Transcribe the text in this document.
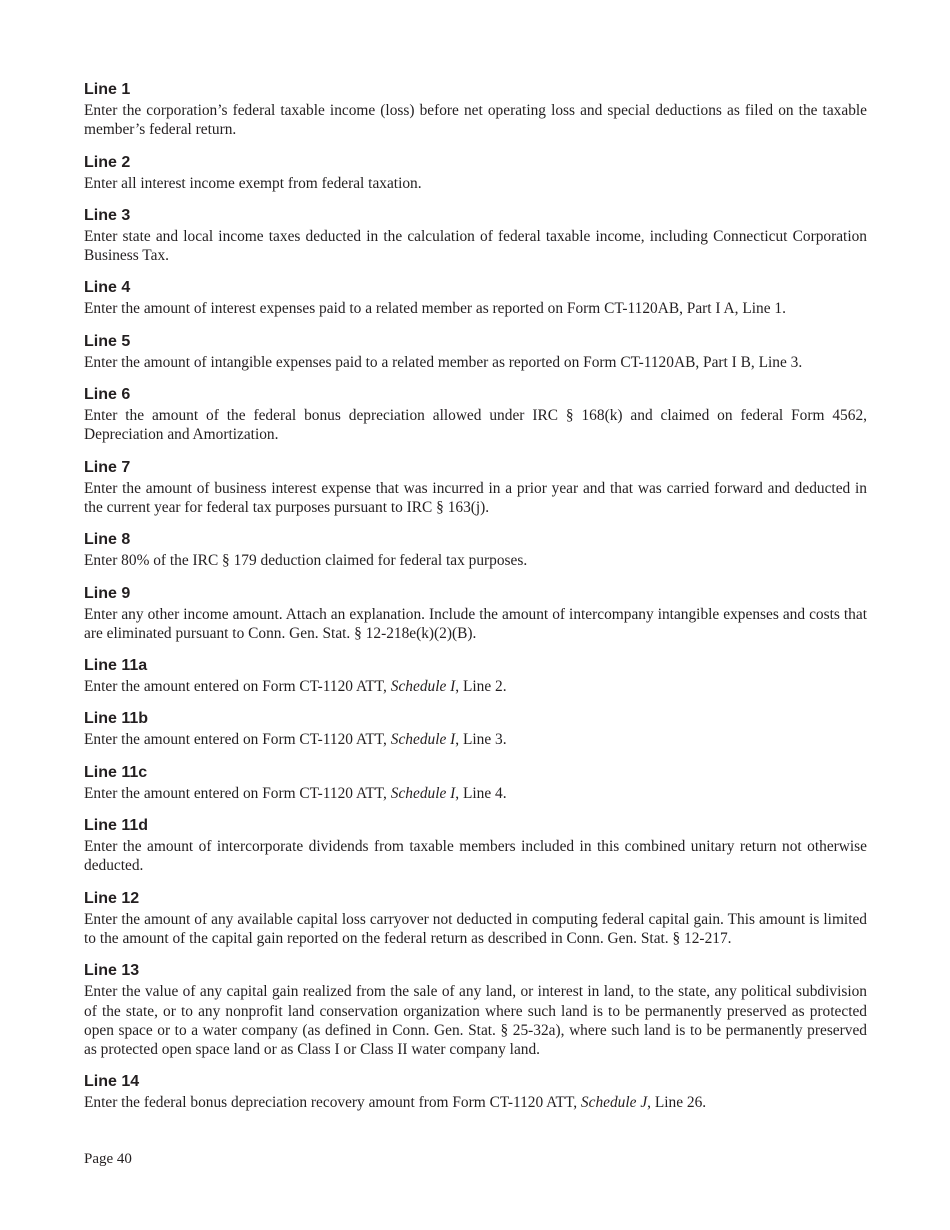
Line 1
Enter the corporation’s federal taxable income (loss) before net operating loss and special deductions as filed on the taxable member’s federal return.
Line 2
Enter all interest income exempt from federal taxation.
Line 3
Enter state and local income taxes deducted in the calculation of federal taxable income, including Connecticut Corporation Business Tax.
Line 4
Enter the amount of interest expenses paid to a related member as reported on Form CT-1120AB, Part I A, Line 1.
Line 5
Enter the amount of intangible expenses paid to a related member as reported on Form CT-1120AB, Part I B, Line 3.
Line 6
Enter the amount of the federal bonus depreciation allowed under IRC § 168(k) and claimed on federal Form 4562, Depreciation and Amortization.
Line 7
Enter the amount of business interest expense that was incurred in a prior year and that was carried forward and deducted in the current year for federal tax purposes pursuant to IRC § 163(j).
Line 8
Enter 80% of the IRC § 179 deduction claimed for federal tax purposes.
Line 9
Enter any other income amount. Attach an explanation. Include the amount of intercompany intangible expenses and costs that are eliminated pursuant to Conn. Gen. Stat. § 12-218e(k)(2)(B).
Line 11a
Enter the amount entered on Form CT-1120 ATT, Schedule I, Line 2.
Line 11b
Enter the amount entered on Form CT-1120 ATT, Schedule I, Line 3.
Line 11c
Enter the amount entered on Form CT-1120 ATT, Schedule I, Line 4.
Line 11d
Enter the amount of intercorporate dividends from taxable members included in this combined unitary return not otherwise deducted.
Line 12
Enter the amount of any available capital loss carryover not deducted in computing federal capital gain. This amount is limited to the amount of the capital gain reported on the federal return as described in Conn. Gen. Stat. § 12-217.
Line 13
Enter the value of any capital gain realized from the sale of any land, or interest in land, to the state, any political subdivision of the state, or to any nonprofit land conservation organization where such land is to be permanently preserved as protected open space or to a water company (as defined in Conn. Gen. Stat. § 25-32a), where such land is to be permanently preserved as protected open space land or as Class I or Class II water company land.
Line 14
Enter the federal bonus depreciation recovery amount from Form CT-1120 ATT, Schedule J, Line 26.
Page 40
